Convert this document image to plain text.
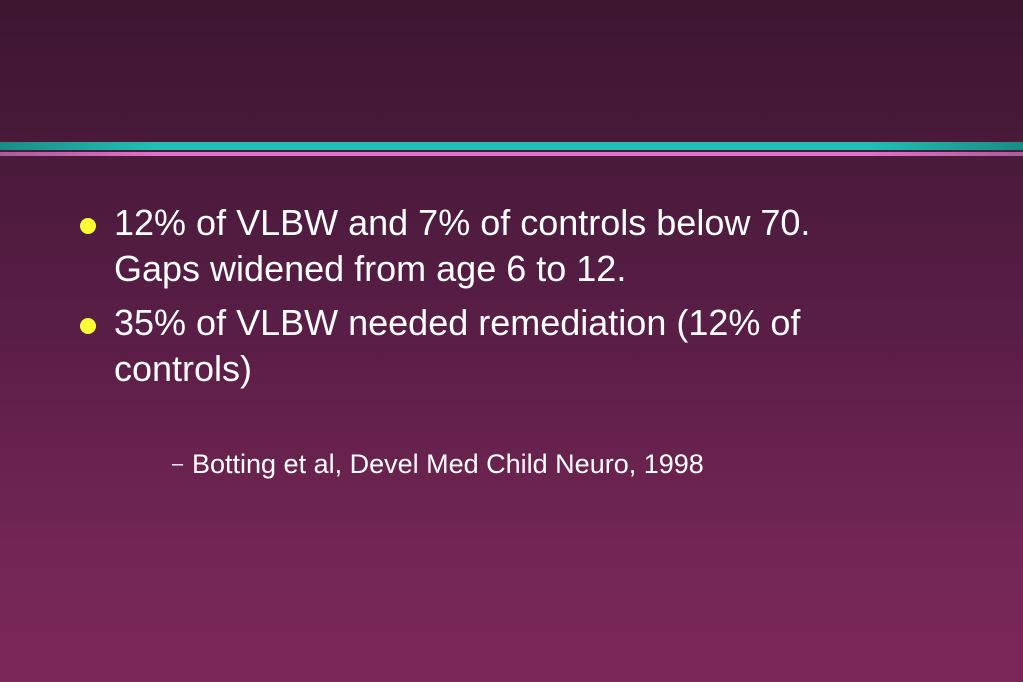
12% of VLBW and 7% of controls below 70. Gaps widened from age 6 to 12.
35% of VLBW needed remediation (12% of controls)
– Botting et al, Devel Med Child Neuro, 1998
